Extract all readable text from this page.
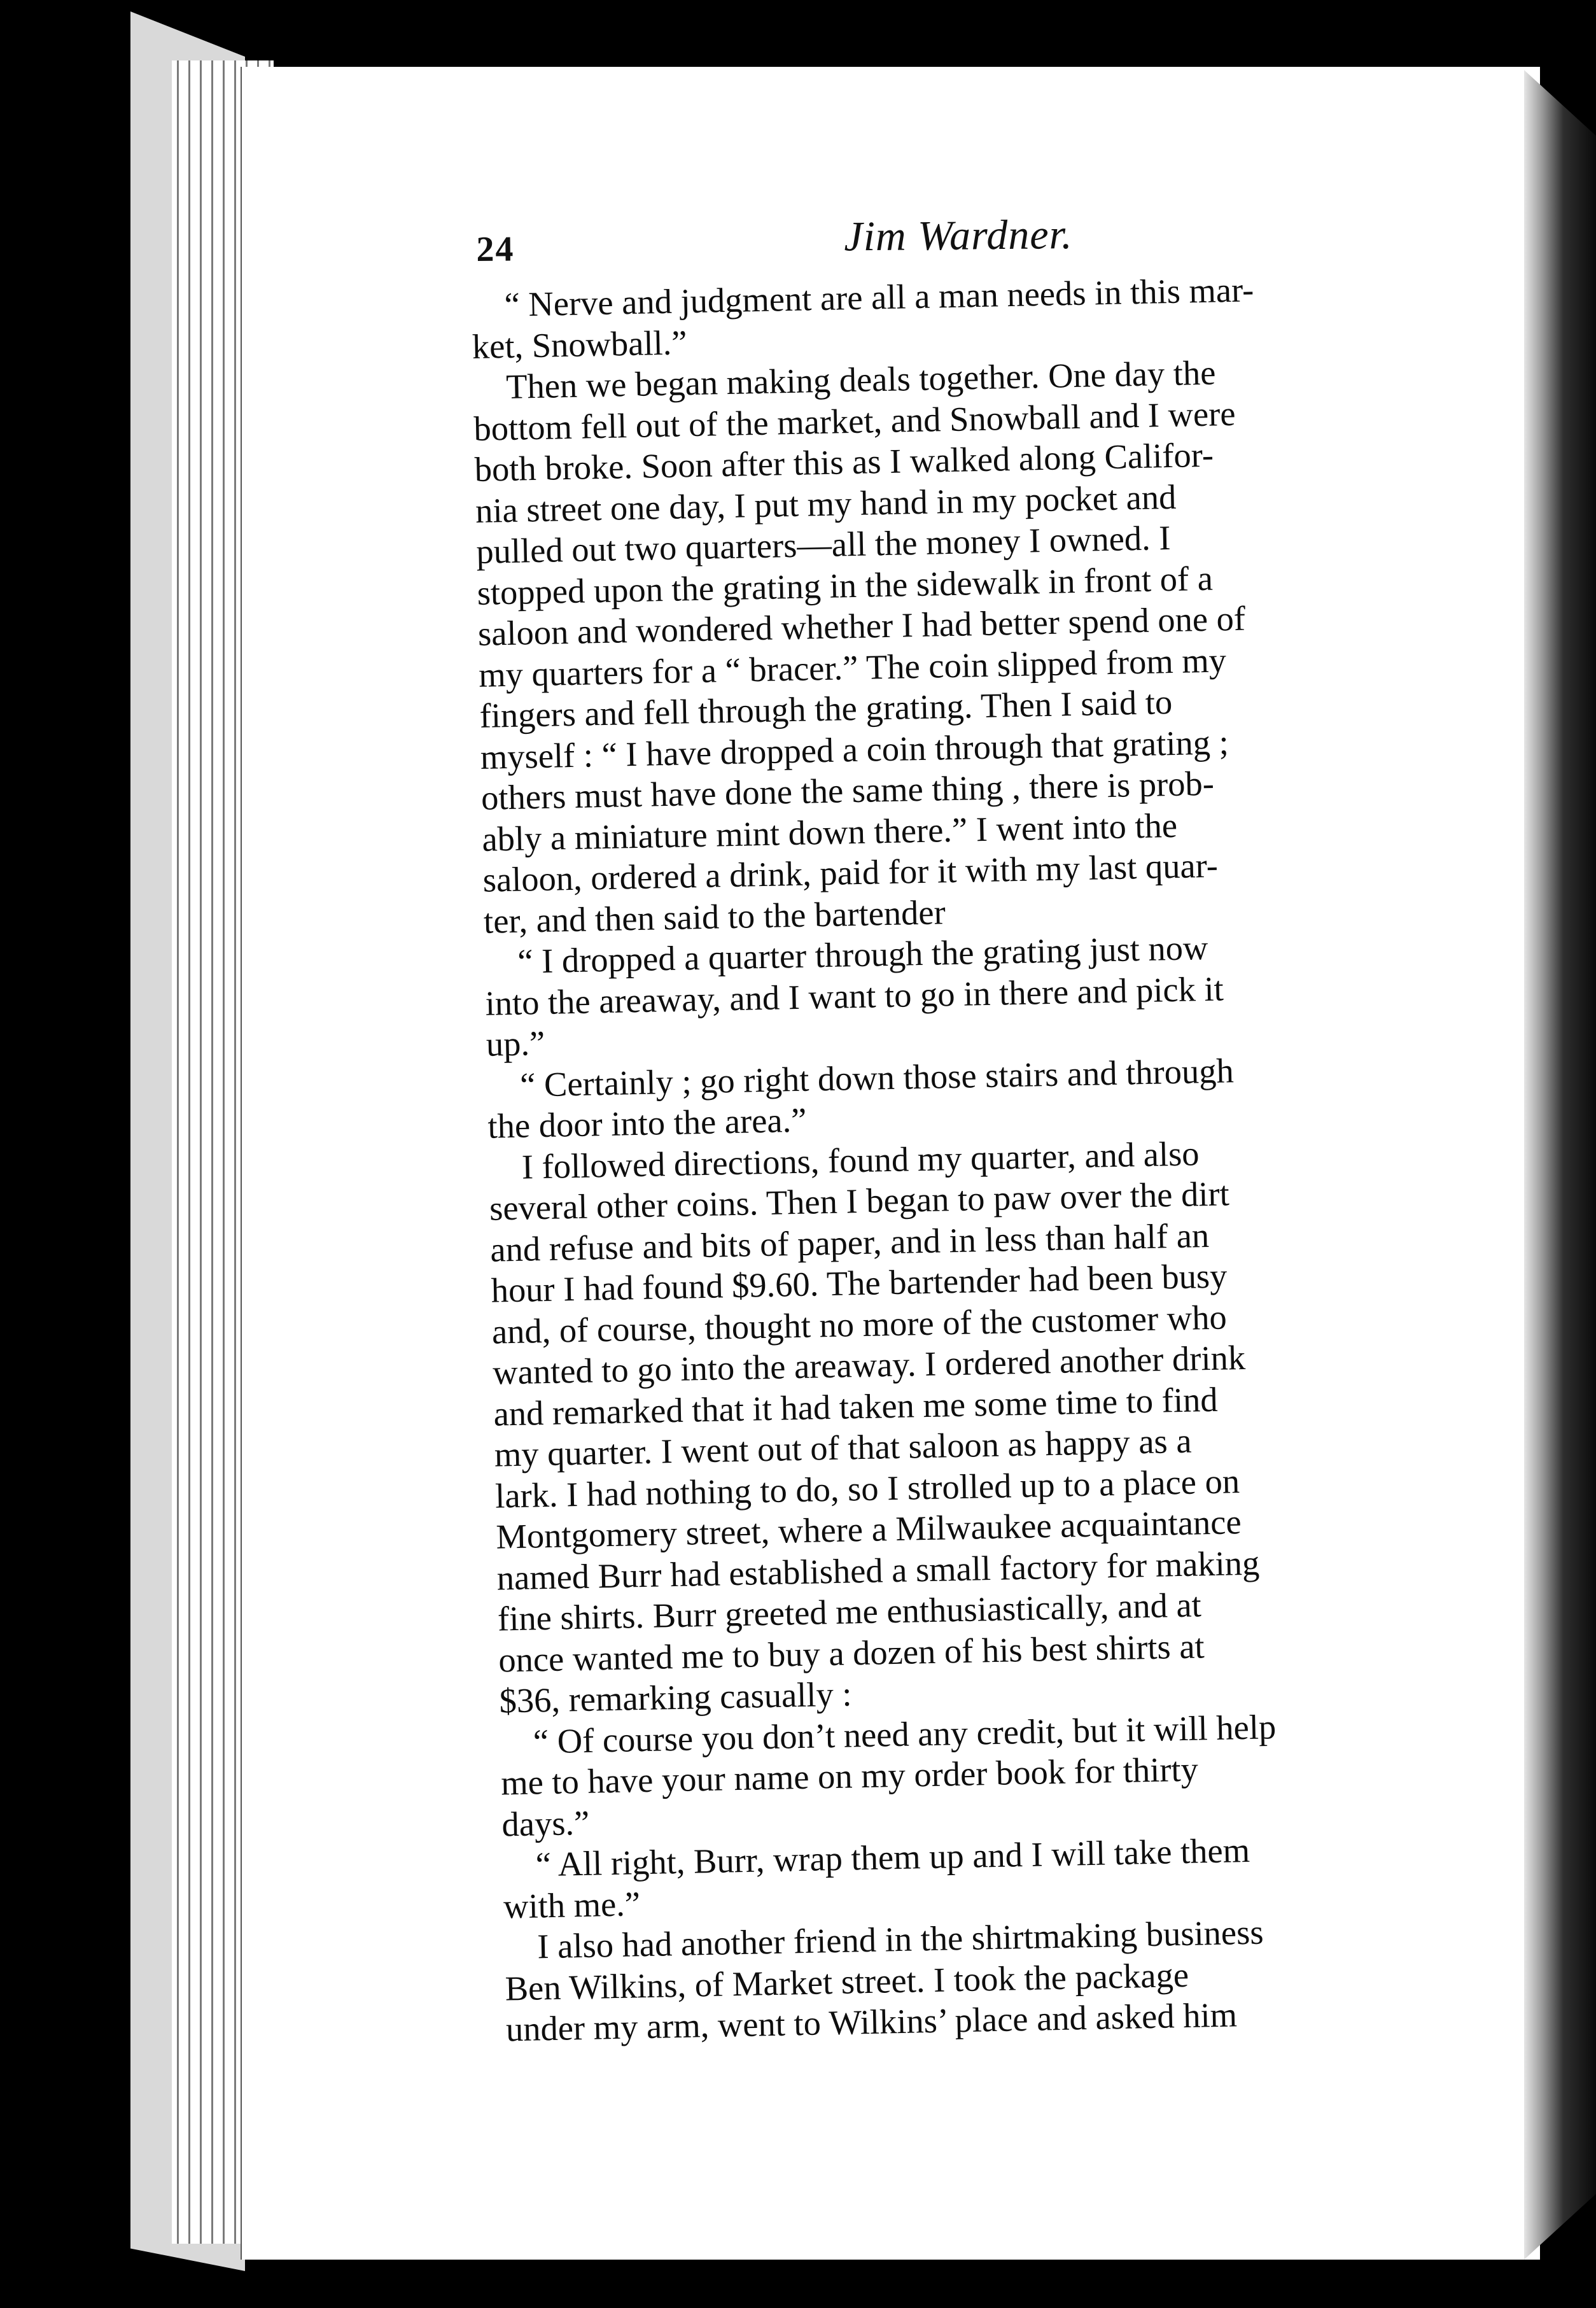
24	Jim Wardner.
“ Nerve and judgment are all a man needs in this mar-
ket, Snowball.”
Then we began making deals together. One day the
bottom fell out of the market, and Snowball and I were
both broke. Soon after this as I walked along Califor-
nia street one day, I put my hand in my pocket and
pulled out two quarters—all the money I owned. I
stopped upon the grating in the sidewalk in front of a
saloon and wondered whether I had better spend one of
my quarters for a “ bracer.” The coin slipped from my
fingers and fell through the grating. Then I said to
myself : “ I have dropped a coin through that grating ;
others must have done the same thing , there is prob-
ably a miniature mint down there.” I went into the
saloon, ordered a drink, paid for it with my last quar-
ter, and then said to the bartender
“ I dropped a quarter through the grating just now
into the areaway, and I want to go in there and pick it
up.”
“ Certainly ; go right down those stairs and through
the door into the area.”
I followed directions, found my quarter, and also
several other coins. Then I began to paw over the dirt
and refuse and bits of paper, and in less than half an
hour I had found $9.60. The bartender had been busy
and, of course, thought no more of the customer who
wanted to go into the areaway. I ordered another drink
and remarked that it had taken me some time to find
my quarter. I went out of that saloon as happy as a
lark. I had nothing to do, so I strolled up to a place on
Montgomery street, where a Milwaukee acquaintance
named Burr had established a small factory for making
fine shirts. Burr greeted me enthusiastically, and at
once wanted me to buy a dozen of his best shirts at
$36, remarking casually :
“ Of course you don’t need any credit, but it will help
me to have your name on my order book for thirty
days.”
“ All right, Burr, wrap them up and I will take them
with me.”
I also had another friend in the shirtmaking business
Ben Wilkins, of Market street. I took the package
under my arm, went to Wilkins’ place and asked him
